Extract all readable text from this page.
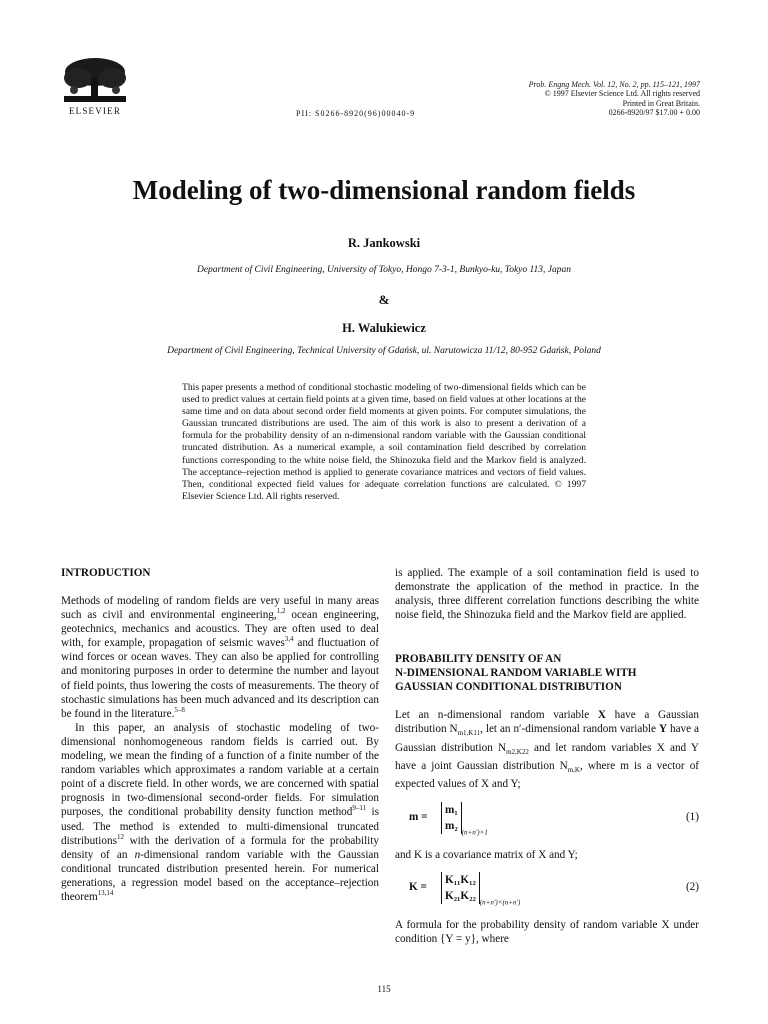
ELSEVIER	PII: S0266-8920(96)00040-9
Prob. Engng Mech. Vol. 12, No. 2, pp. 115–121, 1997
© 1997 Elsevier Science Ltd. All rights reserved
Printed in Great Britain.
0266-8920/97 $17.00 + 0.00
Modeling of two-dimensional random fields
R. Jankowski
Department of Civil Engineering, University of Tokyo, Hongo 7-3-1, Bunkyo-ku, Tokyo 113, Japan
&
H. Walukiewicz
Department of Civil Engineering, Technical University of Gdańsk, ul. Narutowicza 11/12, 80-952 Gdańsk, Poland
This paper presents a method of conditional stochastic modeling of two-dimensional fields which can be used to predict values at certain field points at a given time, based on field values at other locations at the same time and on data about second order field moments at given points. For computer simulations, the Gaussian truncated distributions are used. The aim of this work is also to present a derivation of a formula for the probability density of an n-dimensional random variable with the Gaussian conditional truncated distribution. As a numerical example, a soil contamination field described by correlation functions corresponding to the white noise field, the Shinozuka field and the Markov field is analyzed. The acceptance–rejection method is applied to generate covariance matrices and vectors of field values. Then, conditional expected field values for adequate correlation functions are calculated. © 1997 Elsevier Science Ltd. All rights reserved.
INTRODUCTION

Methods of modeling of random fields are very useful in many areas such as civil and environmental engineering,$^{1,2}$ ocean engineering, geotechnics, mechanics and acoustics. They are often used to deal with, for example, propagation of seismic waves$^{3,4}$ and fluctuation of wind forces or ocean waves. They can also be applied for controlling and monitoring purposes in order to determine the number and layout of field points, thus lowering the costs of measurements. The theory of stochastic simulations has been much advanced and its description can be found in the literature.$^{5-8}$

In this paper, an analysis of stochastic modeling of two-dimensional nonhomogeneous random fields is carried out. By modeling, we mean the finding of a function of a finite number of the random variables which approximates a random variable at a certain point of a discrete field. In other words, we are concerned with spatial prognosis in two-dimensional second-order fields. For simulation purposes, the conditional probability density function method$^{9-11}$ is used. The method is extended to multi-dimensional truncated distributions$^{12}$ with the derivation of a formula for the probability density of an n-dimensional random variable with the Gaussian conditional truncated distribution presented herein. For numerical generations, a regression model based on the acceptance–rejection theorem$^{13,14}$

is applied. The example of a soil contamination field is used to demonstrate the application of the method in practice. In the analysis, three different correlation functions describing the white noise field, the Shinozuka field and the Markov field are applied.

PROBABILITY DENSITY OF AN
N-DIMENSIONAL RANDOM VARIABLE WITH
GAUSSIAN CONDITIONAL DISTRIBUTION

Let an n-dimensional random variable X have a Gaussian distribution $N_{m1,K11}$, let an n′-dimensional random variable Y have a Gaussian distribution $N_{m2,K22}$ and let random variables X and Y have a joint Gaussian distribution $N_{m,K}$, where m is a vector of expected values of X and Y;

m =
m₁
m₂
$_{(n+n')\times 1}$
(1)

and K is a covariance matrix of X and Y;

K =
K₁₁K₁₂
K₂₁K₂₂
$_{(n+n')\times(n+n')}$
(2)

A formula for the probability density of random variable X under condition {Y = y}, where

115
